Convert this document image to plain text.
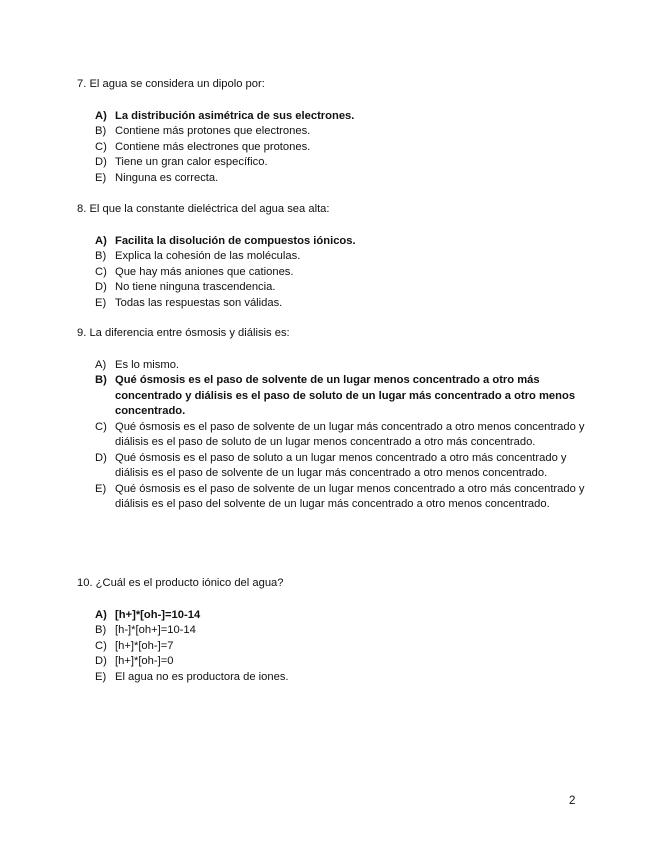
7. El agua se considera un dipolo por:

A) La distribución asimétrica de sus electrones.
B) Contiene más protones que electrones.
C) Contiene más electrones que protones.
D) Tiene un gran calor específico.
E) Ninguna es correcta.

8. El que la constante dieléctrica del agua sea alta:

A) Facilita la disolución de compuestos iónicos.
B) Explica la cohesión de las moléculas.
C) Que hay más aniones que cationes.
D) No tiene ninguna trascendencia.
E) Todas las respuestas son válidas.

9. La diferencia entre ósmosis y diálisis es:

A) Es lo mismo.
B) Qué ósmosis es el paso de solvente de un lugar menos concentrado a otro más concentrado y diálisis es el paso de soluto de un lugar más concentrado a otro menos concentrado.
C) Qué ósmosis es el paso de solvente de un lugar más concentrado a otro menos concentrado y diálisis es el paso de soluto de un lugar menos concentrado a otro más concentrado.
D) Qué ósmosis es el paso de soluto a un lugar menos concentrado a otro más concentrado y diálisis es el paso de solvente de un lugar más concentrado a otro menos concentrado.
E) Qué ósmosis es el paso de solvente de un lugar menos concentrado a otro más concentrado y diálisis es el paso del solvente de un lugar más concentrado a otro menos concentrado.

10. ¿Cuál es el producto iónico del agua?

A) [h+]*[oh-]=10-14
B) [h-]*[oh+]=10-14
C) [h+]*[oh-]=7
D) [h+]*[oh-]=0
E) El agua no es productora de iones.
2
